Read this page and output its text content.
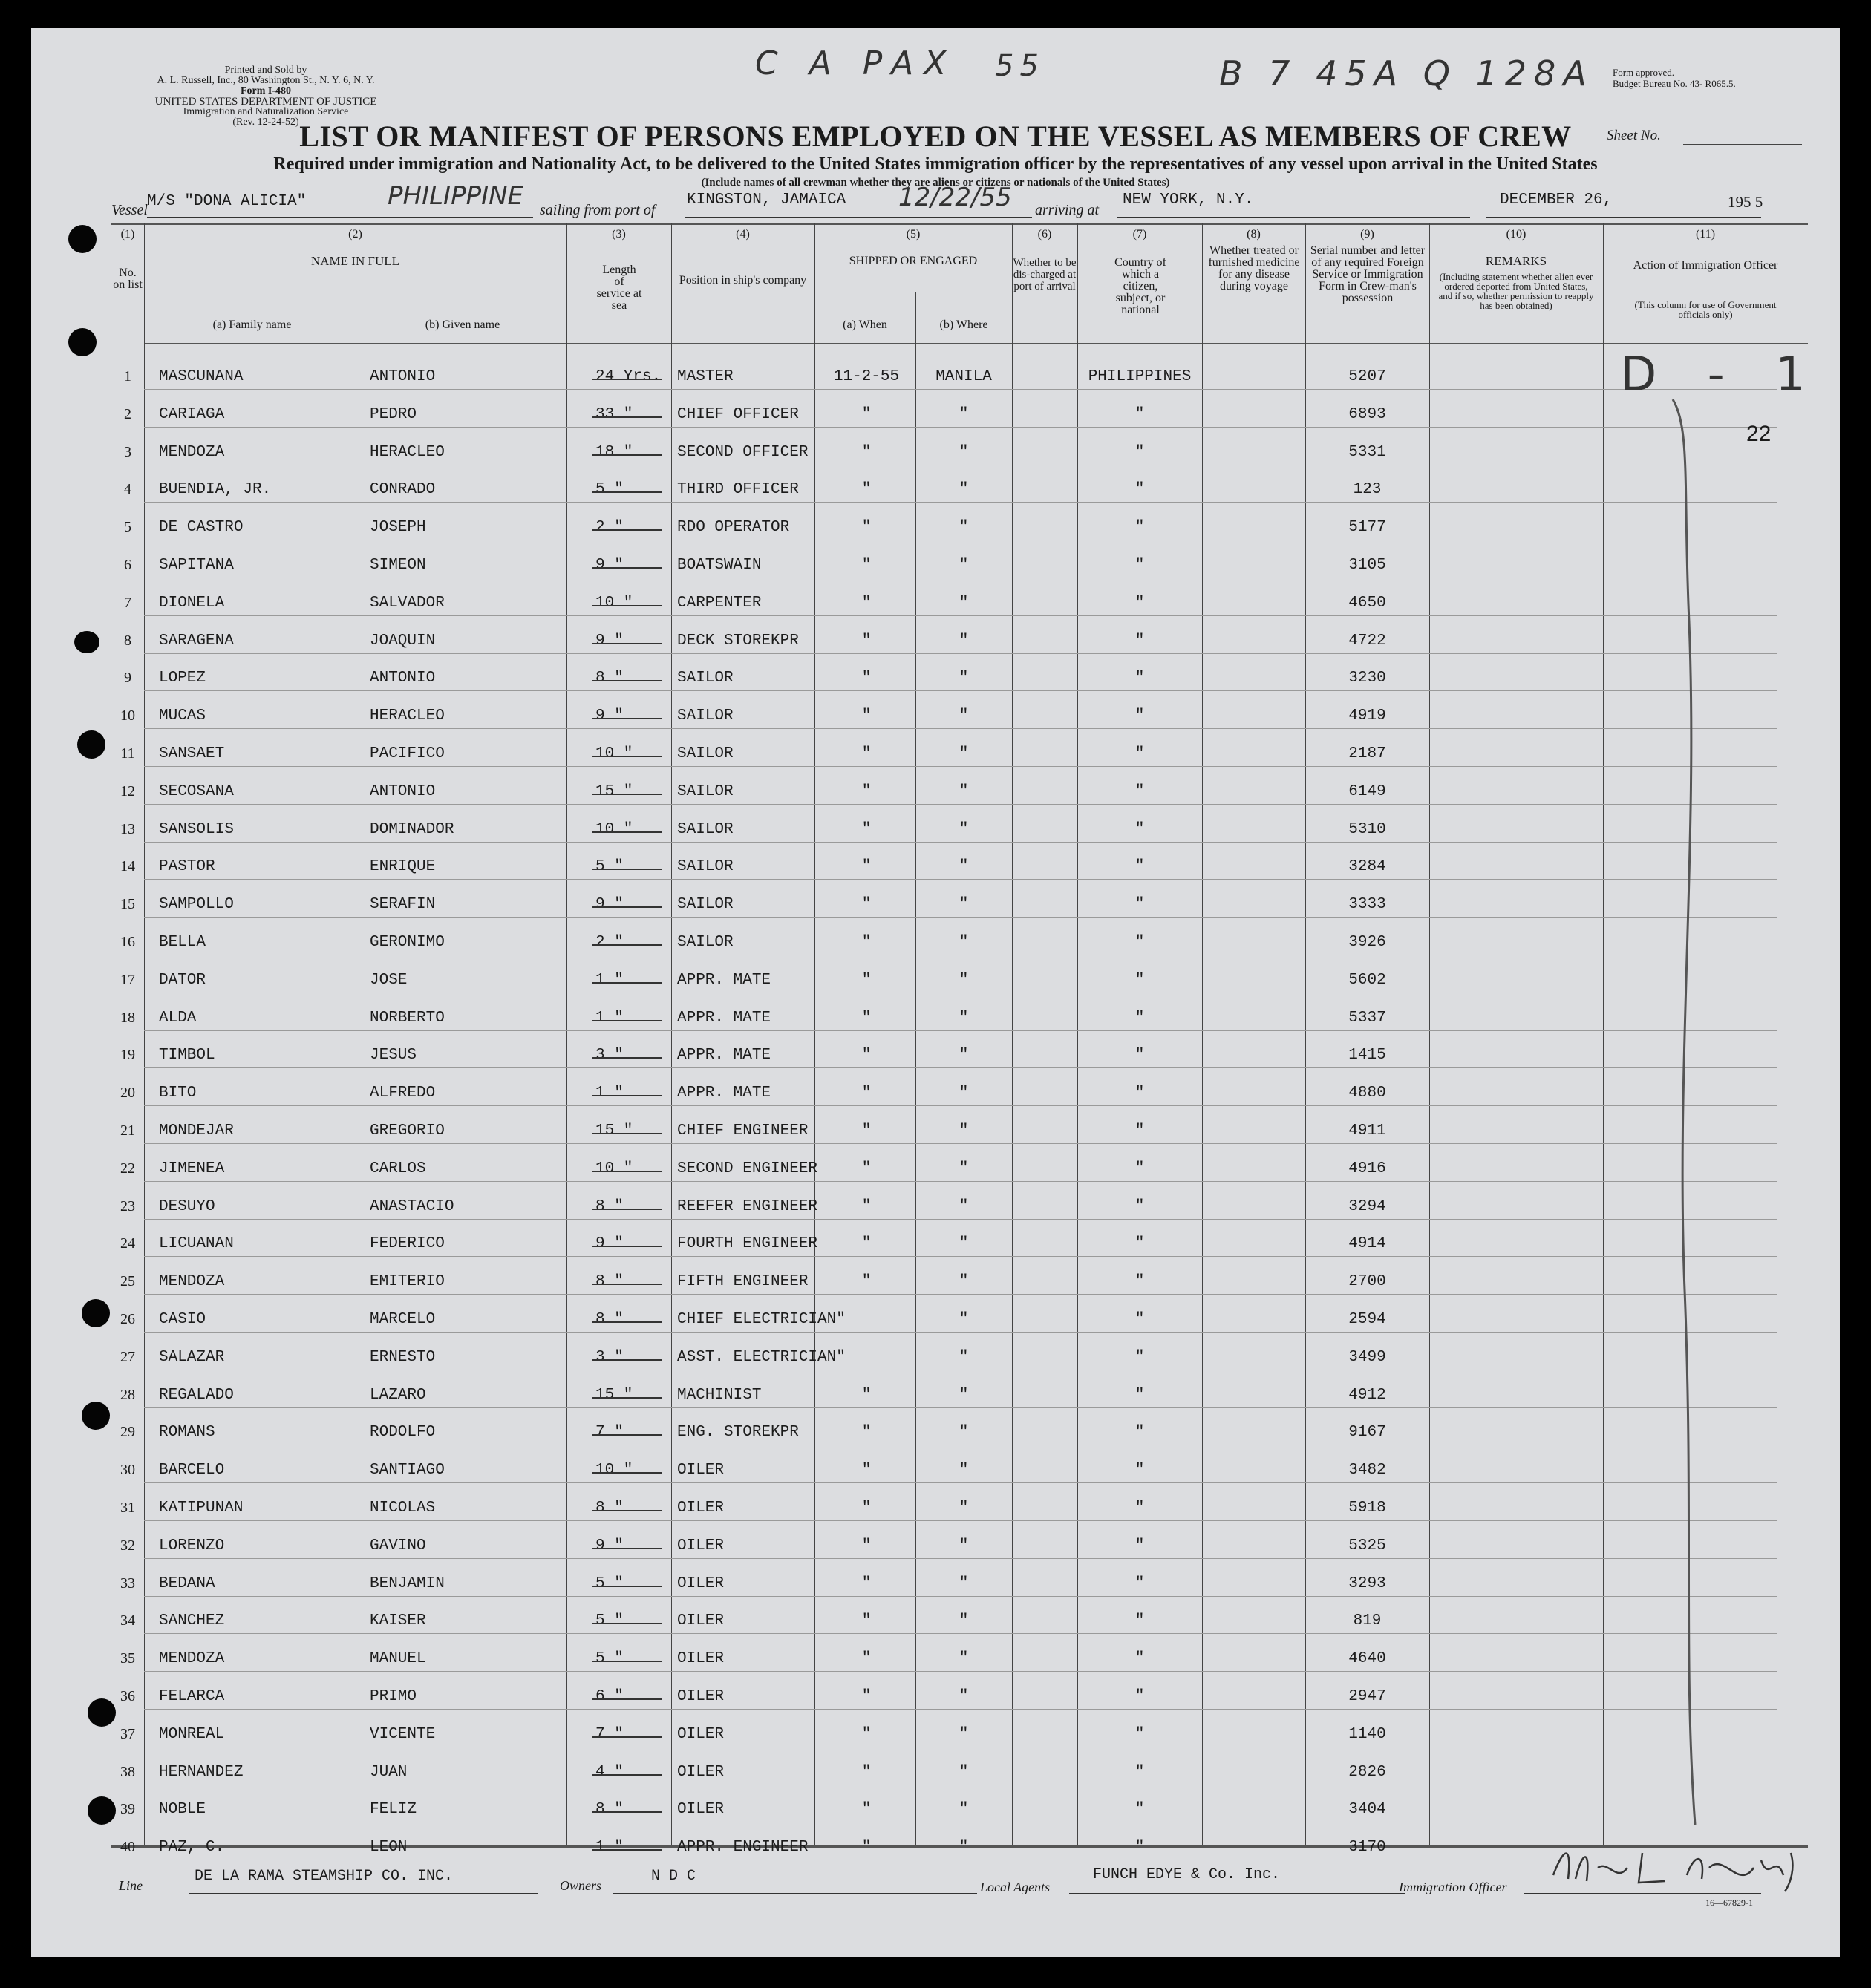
Printed and Sold by
A. L. Russell, Inc., 80 Washington St., N. Y. 6, N. Y.
Form I-480
UNITED STATES DEPARTMENT OF JUSTICE
Immigration and Naturalization Service
(Rev. 12-24-52)
Form approved.
Budget Bureau No. 43- R065.5.
C A PAX 55	B 7 45A Q 128A
LIST OR MANIFEST OF PERSONS EMPLOYED ON THE VESSEL AS MEMBERS OF CREW	Sheet No.
Required under immigration and Nationality Act, to be delivered to the United States immigration officer by the representatives of any vessel upon arrival in the United States
(Include names of all crewman whether they are aliens or citizens or nationals of the United States)
Vessel M/S "DONA ALICIA"	PHILIPPINE sailing from port of
KINGSTON, JAMAICA 12/22/55 arriving at
NEW YORK, N.Y.	DECEMBER 26,	195 5
(1)	(2)	(3)	(4)	(5)	(6)	(7)	(8)	(9)	(10)	(11)
No. on list
NAME IN FULL
(a) Family name	(b) Given name
Length of service at sea
Position in ship's company
SHIPPED OR ENGAGED
(a) When	(b) Where
Whether to be dis-charged at port of arrival
Country of which a citizen, subject, or national
Whether treated or furnished medicine for any disease during voyage
Serial number and letter of any required Foreign Service or Immigration Form in Crew-man's possession
REMARKS
(Including statement whether alien ever ordered deported from United States, and if so, whether permission to reapply has been obtained)
Action of Immigration Officer
(This column for use of Government officials only)
1	MASCUNANA	ANTONIO	24 Yrs.	MASTER	11-2-55	MANILA	PHILIPPINES	5207
2	CARIAGA	PEDRO	33 "	CHIEF OFFICER	"	"	"	6893
3	MENDOZA	HERACLEO	18 "	SECOND OFFICER	"	"	"	5331
4	BUENDIA, JR.	CONRADO	5 "	THIRD OFFICER	"	"	"	123
5	DE CASTRO	JOSEPH	2 "	RDO OPERATOR	"	"	"	5177
6	SAPITANA	SIMEON	9 "	BOATSWAIN	"	"	"	3105
7	DIONELA	SALVADOR	10 "	CARPENTER	"	"	"	4650
8	SARAGENA	JOAQUIN	9 "	DECK STOREKPR	"	"	"	4722
9	LOPEZ	ANTONIO	8 "	SAILOR	"	"	"	3230
10	MUCAS	HERACLEO	9 "	SAILOR	"	"	"	4919
11	SANSAET	PACIFICO	10 "	SAILOR	"	"	"	2187
12	SECOSANA	ANTONIO	15 "	SAILOR	"	"	"	6149
13	SANSOLIS	DOMINADOR	10 "	SAILOR	"	"	"	5310
14	PASTOR	ENRIQUE	5 "	SAILOR	"	"	"	3284
15	SAMPOLLO	SERAFIN	9 "	SAILOR	"	"	"	3333
16	BELLA	GERONIMO	2 "	SAILOR	"	"	"	3926
17	DATOR	JOSE	1 "	APPR. MATE	"	"	"	5602
18	ALDA	NORBERTO	1 "	APPR. MATE	"	"	"	5337
19	TIMBOL	JESUS	3 "	APPR. MATE	"	"	"	1415
20	BITO	ALFREDO	1 "	APPR. MATE	"	"	"	4880
21	MONDEJAR	GREGORIO	15 "	CHIEF ENGINEER	"	"	"	4911
22	JIMENEA	CARLOS	10 "	SECOND ENGINEER	"	"	"	4916
23	DESUYO	ANASTACIO	8 "	REEFER ENGINEER	"	"	"	3294
24	LICUANAN	FEDERICO	9 "	FOURTH ENGINEER	"	"	"	4914
25	MENDOZA	EMITERIO	8 "	FIFTH ENGINEER	"	"	"	2700
26	CASIO	MARCELO	8 "	CHIEF ELECTRICIAN"	"	"	2594
27	SALAZAR	ERNESTO	3 "	ASST. ELECTRICIAN"	"	"	3499
28	REGALADO	LAZARO	15 "	MACHINIST	"	"	"	4912
29	ROMANS	RODOLFO	7 "	ENG. STOREKPR	"	"	"	9167
30	BARCELO	SANTIAGO	10 "	OILER	"	"	"	3482
31	KATIPUNAN	NICOLAS	8 "	OILER	"	"	"	5918
32	LORENZO	GAVINO	9 "	OILER	"	"	"	5325
33	BEDANA	BENJAMIN	5 "	OILER	"	"	"	3293
34	SANCHEZ	KAISER	5 "	OILER	"	"	"	819
35	MENDOZA	MANUEL	5 "	OILER	"	"	"	4640
36	FELARCA	PRIMO	6 "	OILER	"	"	"	2947
37	MONREAL	VICENTE	7 "	OILER	"	"	"	1140
38	HERNANDEZ	JUAN	4 "	OILER	"	"	"	2826
39	NOBLE	FELIZ	8 "	OILER	"	"	"	3404
40	PAZ, C.	LEON	1 "	APPR. ENGINEER	"	"	"	3170
D - 1
22
Line
DE LA RAMA STEAMSHIP CO. INC.
Owners
N D C
Local Agents
FUNCH EDYE & Co. Inc.
Immigration Officer
16—67829-1
